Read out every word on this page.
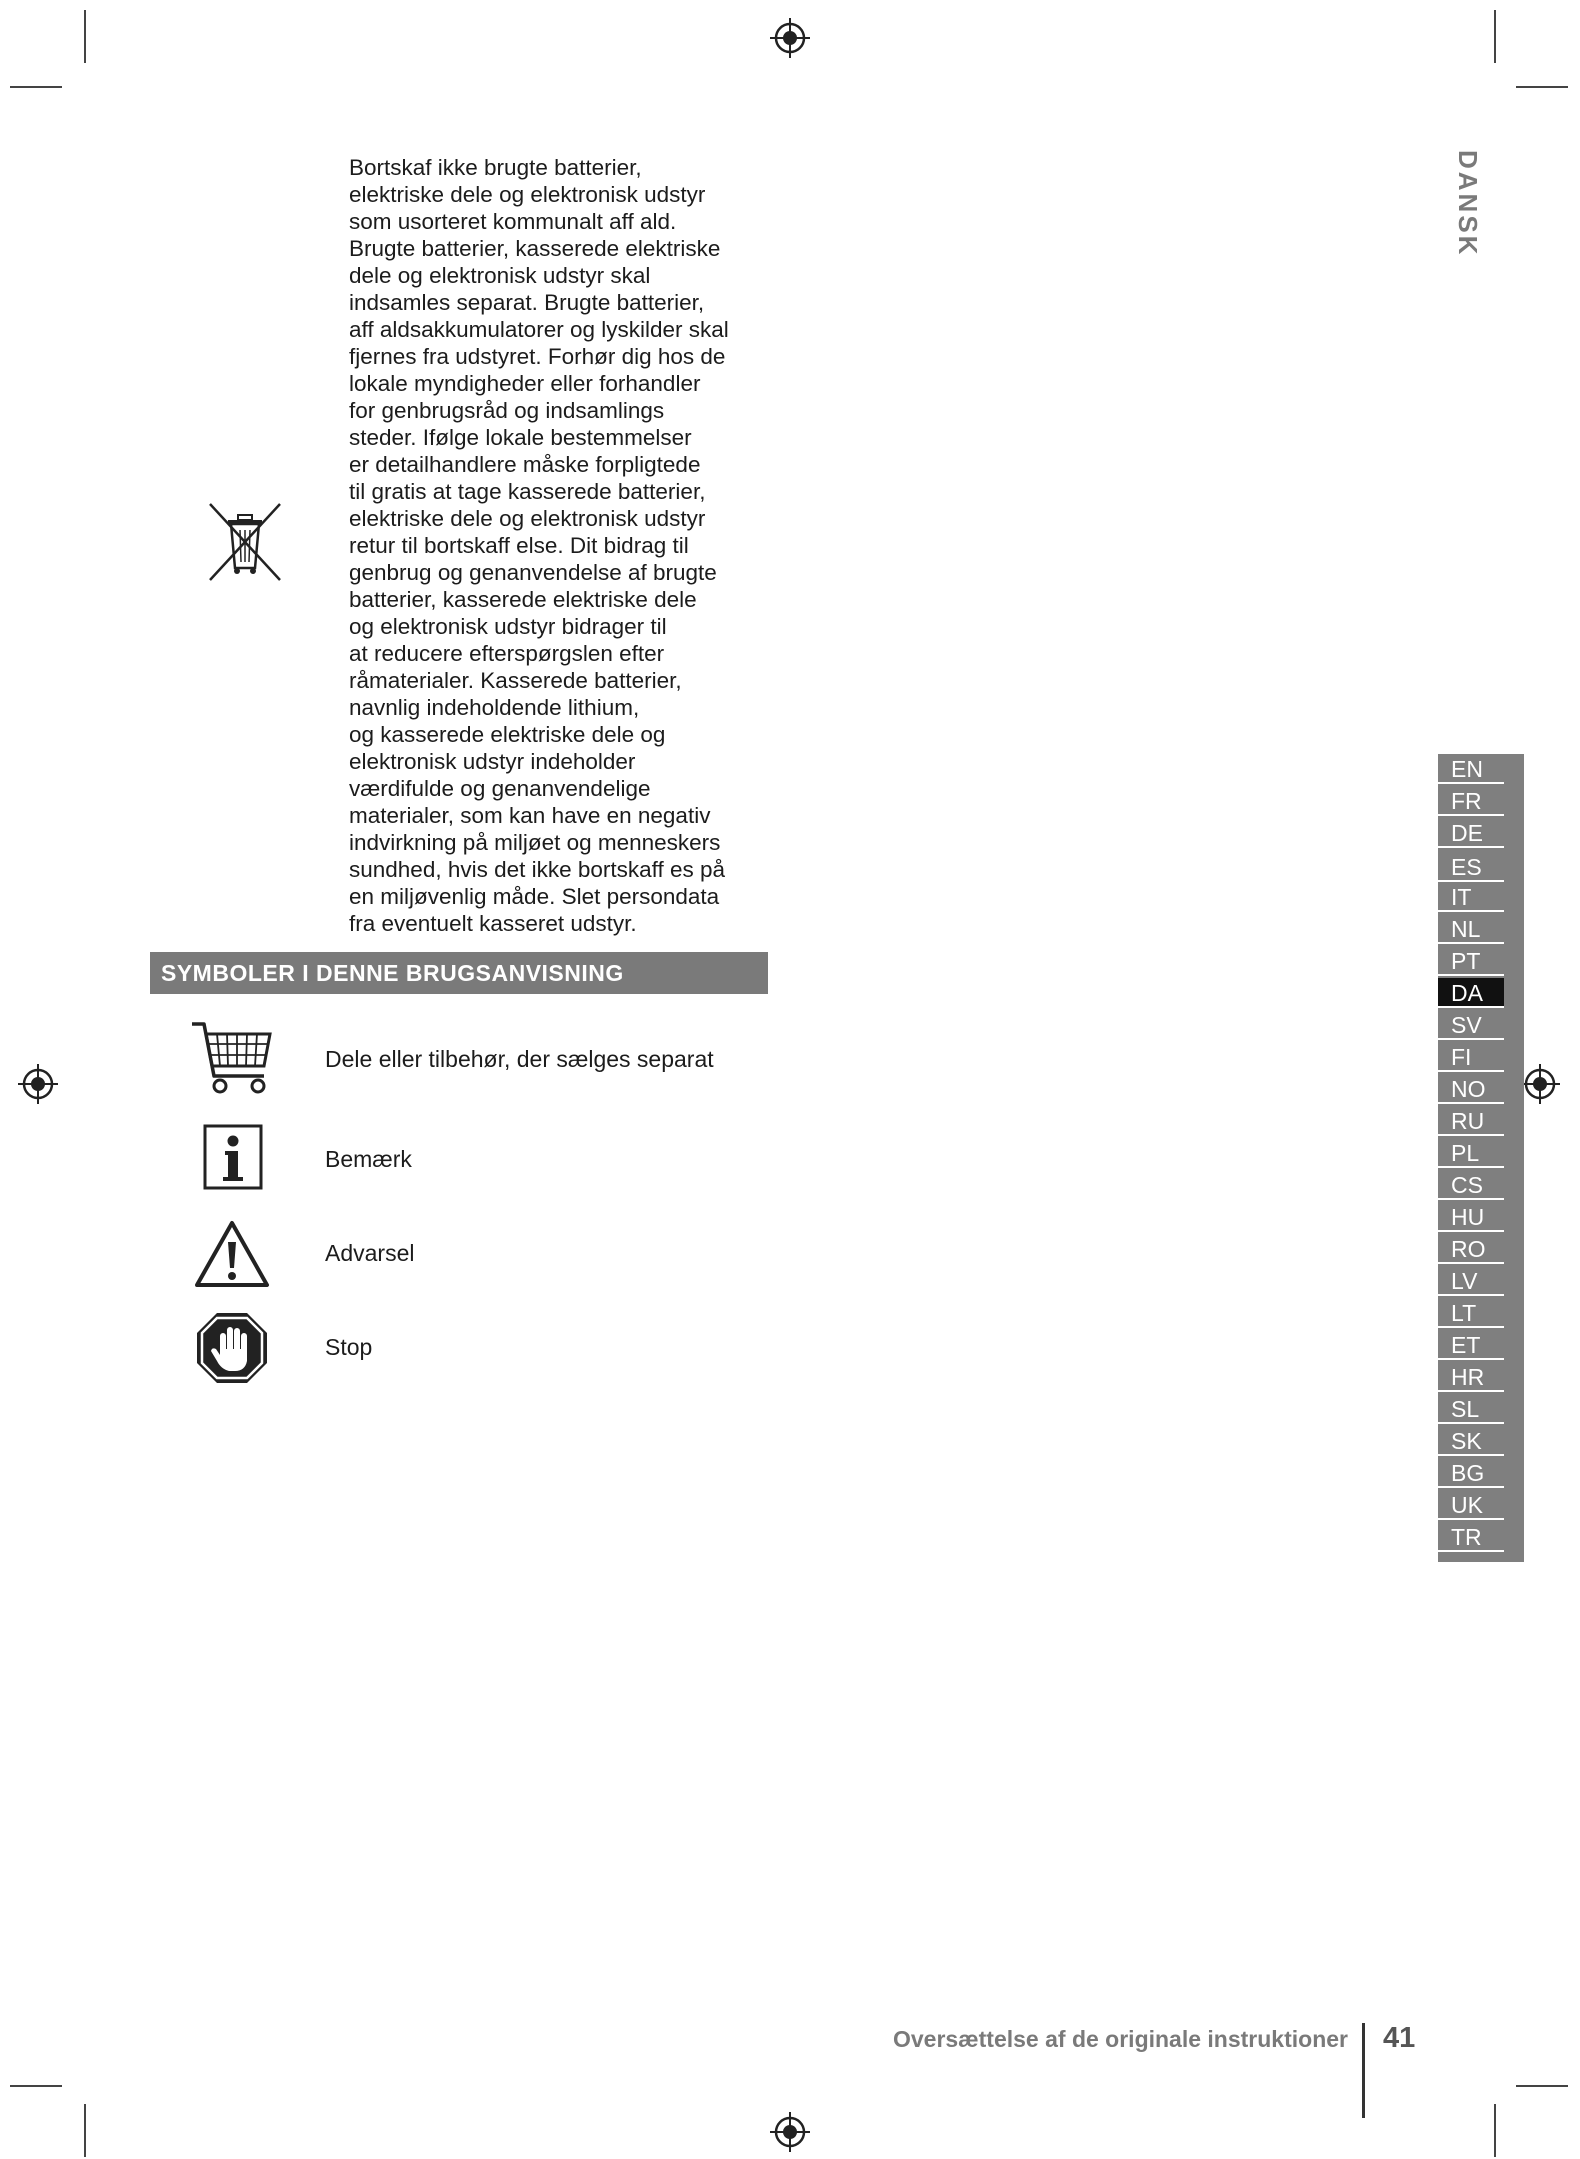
DANSK
Bortskaf ikke brugte batterier,
elektriske dele og elektronisk udstyr
som usorteret kommunalt aff ald.
Brugte batterier, kasserede elektriske
dele og elektronisk udstyr skal
indsamles separat. Brugte batterier,
aff aldsakkumulatorer og lyskilder skal
fjernes fra udstyret. Forhør dig hos de
lokale myndigheder eller forhandler
for genbrugsråd og indsamlings
steder. Ifølge lokale bestemmelser
er detailhandlere måske forpligtede
til gratis at tage kasserede batterier,
elektriske dele og elektronisk udstyr
retur til bortskaff else. Dit bidrag til
genbrug og genanvendelse af brugte
batterier, kasserede elektriske dele
og elektronisk udstyr bidrager til
at reducere efterspørgslen efter
råmaterialer. Kasserede batterier,
navnlig indeholdende lithium,
og kasserede elektriske dele og
elektronisk udstyr indeholder
værdifulde og genanvendelige
materialer, som kan have en negativ
indvirkning på miljøet og menneskers
sundhed, hvis det ikke bortskaff es på
en miljøvenlig måde. Slet persondata
fra eventuelt kasseret udstyr.
SYMBOLER I DENNE BRUGSANVISNING
Dele eller tilbehør, der sælges separat
Bemærk
Advarsel
Stop
EN
FR
DE
ES
IT
NL
PT
DA
SV
FI
NO
RU
PL
CS
HU
RO
LV
LT
ET
HR
SL
SK
BG
UK
TR
Oversættelse af de originale instruktioner 41
